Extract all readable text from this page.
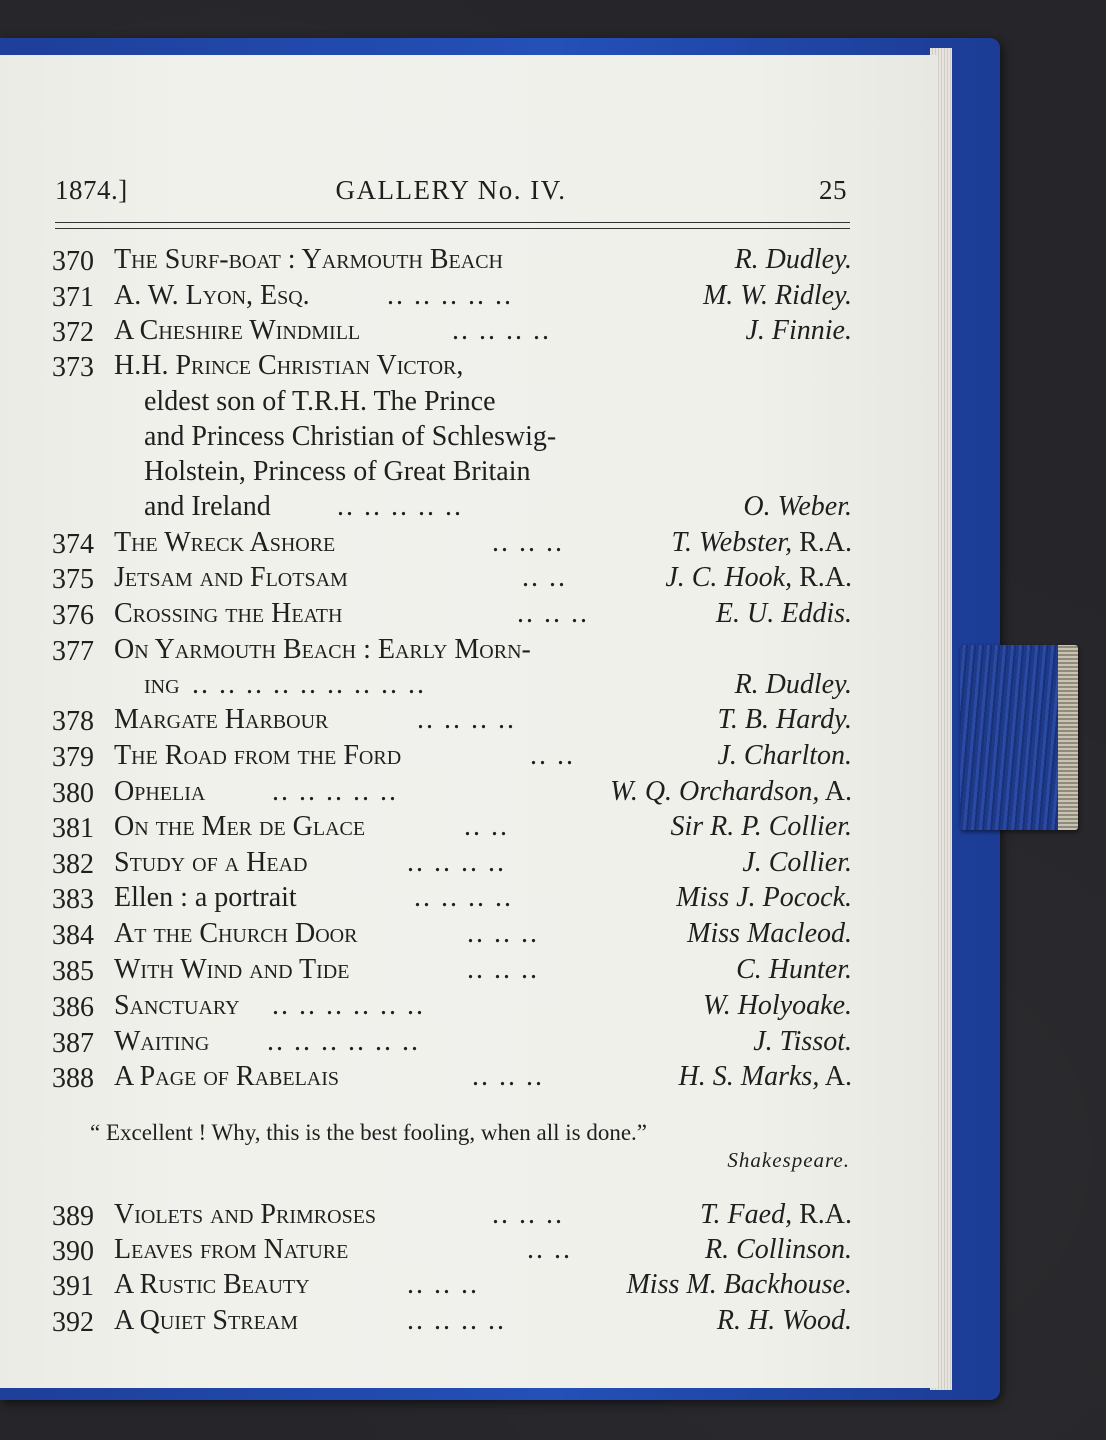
1874.]	GALLERY No. IV.	25
370 The Surf-boat : Yarmouth Beach	R. Dudley.
371 A. W. Lyon, Esq.	.. .. .. .. ..	M. W. Ridley.
372 A Cheshire Windmill	.. .. .. ..	J. Finnie.
373 H.H. Prince Christian Victor,
eldest son of T.R.H. The Prince
and Princess Christian of Schleswig-
Holstein, Princess of Great Britain
and Ireland .. .. .. .. ..	O. Weber.
374 The Wreck Ashore	.. .. ..	T. Webster, R.A.
375 Jetsam and Flotsam	.. ..	J. C. Hook, R.A.
376 Crossing the Heath	.. .. ..	E. U. Eddis.
377 On Yarmouth Beach : Early Morn-
ing .. .. .. .. .. .. .. .. ..	R. Dudley.
378 Margate Harbour	.. .. .. ..	T. B. Hardy.
379 The Road from the Ford	.. ..	J. Charlton.
380 Ophelia .. .. .. .. ..	W. Q. Orchardson, A.
381 On the Mer de Glace	.. ..	Sir R. P. Collier.
382 Study of a Head	.. .. .. ..	J. Collier.
383 Ellen : a portrait	.. .. .. ..	Miss J. Pocock.
384 At the Church Door	.. .. ..	Miss Macleod.
385 With Wind and Tide	.. .. ..	C. Hunter.
386 Sanctuary .. .. .. .. .. ..	W. Holyoake.
387 Waiting .. .. .. .. .. ..	J. Tissot.
388 A Page of Rabelais	.. .. ..	H. S. Marks, A.
“ Excellent ! Why, this is the best fooling, when all is done.”
Shakespeare.
389 Violets and Primroses	.. .. ..	T. Faed, R.A.
390 Leaves from Nature	.. ..	R. Collinson.
391 A Rustic Beauty	.. .. ..	Miss M. Backhouse.
392 A Quiet Stream	.. .. .. ..	R. H. Wood.
